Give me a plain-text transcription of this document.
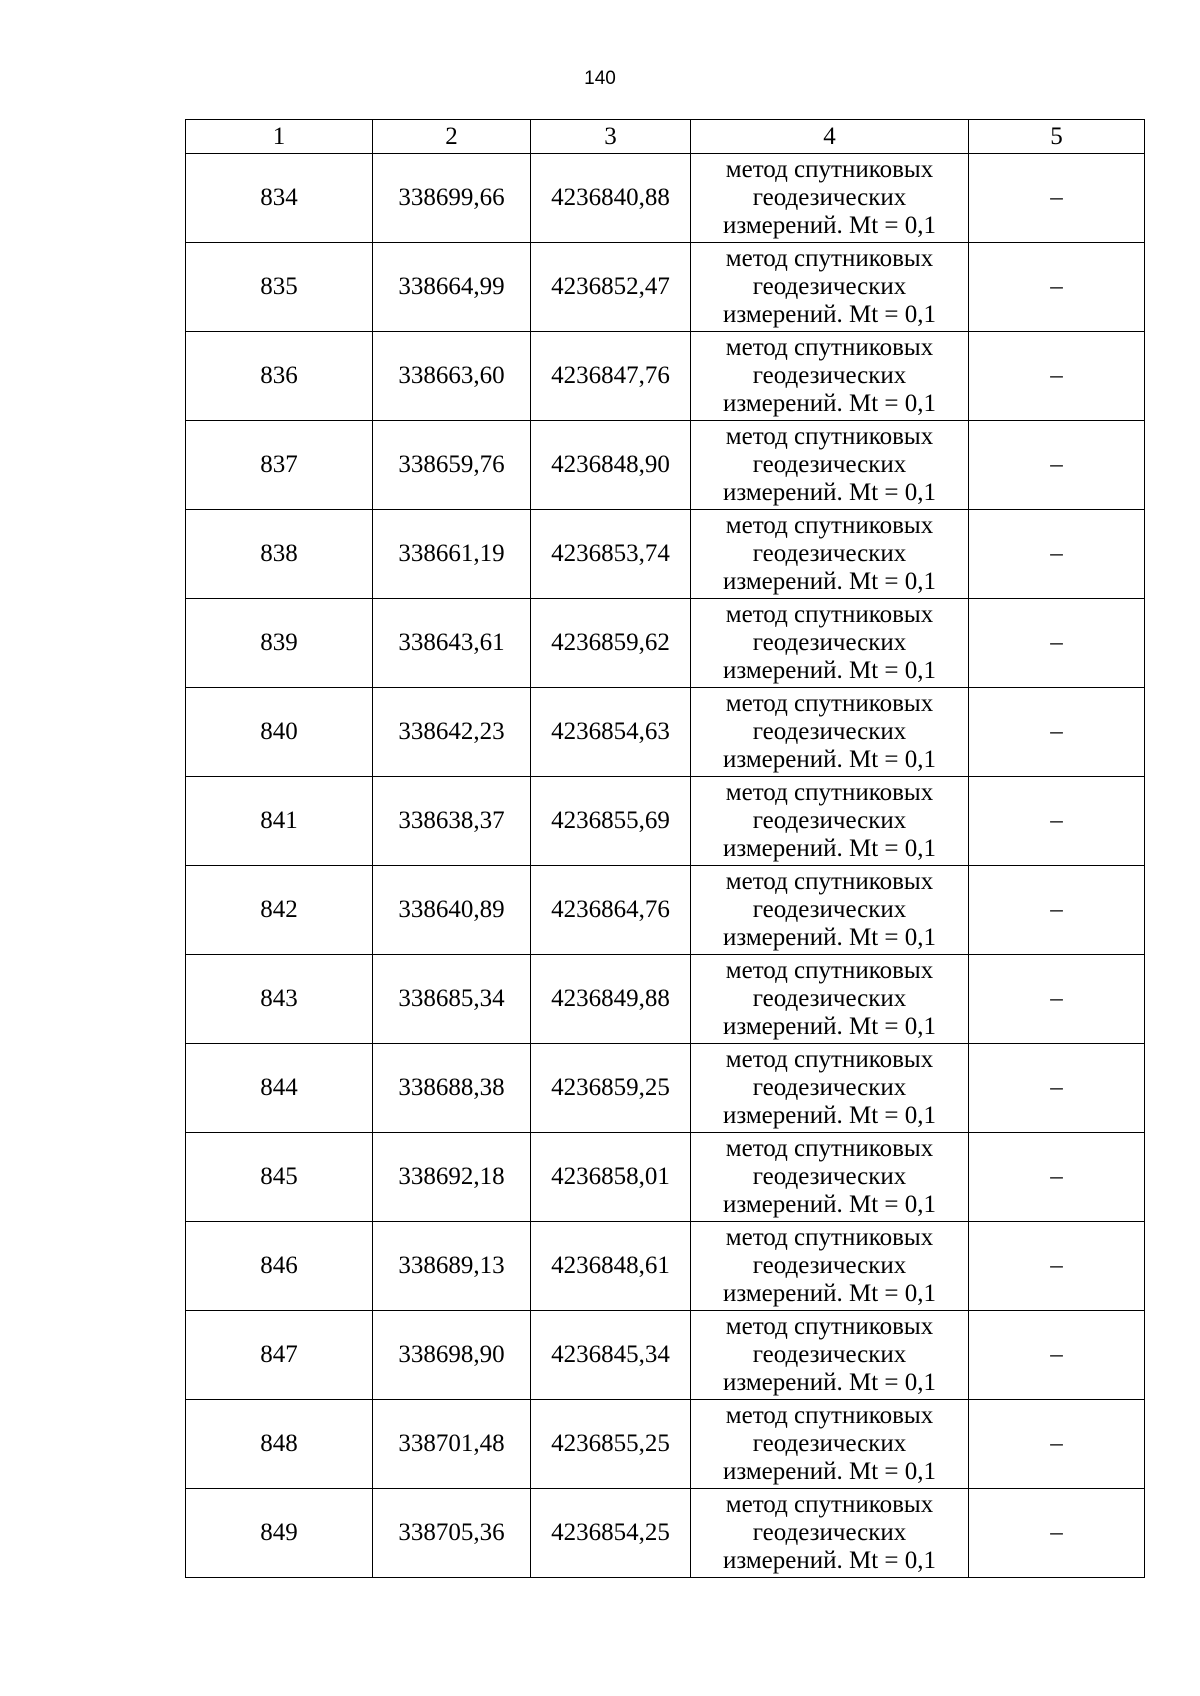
140
1	2	3	4	5
834	338699,66	4236840,88	метод спутниковых геодезических измерений. Mt = 0,1	–
835	338664,99	4236852,47	метод спутниковых геодезических измерений. Mt = 0,1	–
836	338663,60	4236847,76	метод спутниковых геодезических измерений. Mt = 0,1	–
837	338659,76	4236848,90	метод спутниковых геодезических измерений. Mt = 0,1	–
838	338661,19	4236853,74	метод спутниковых геодезических измерений. Mt = 0,1	–
839	338643,61	4236859,62	метод спутниковых геодезических измерений. Mt = 0,1	–
840	338642,23	4236854,63	метод спутниковых геодезических измерений. Mt = 0,1	–
841	338638,37	4236855,69	метод спутниковых геодезических измерений. Mt = 0,1	–
842	338640,89	4236864,76	метод спутниковых геодезических измерений. Mt = 0,1	–
843	338685,34	4236849,88	метод спутниковых геодезических измерений. Mt = 0,1	–
844	338688,38	4236859,25	метод спутниковых геодезических измерений. Mt = 0,1	–
845	338692,18	4236858,01	метод спутниковых геодезических измерений. Mt = 0,1	–
846	338689,13	4236848,61	метод спутниковых геодезических измерений. Mt = 0,1	–
847	338698,90	4236845,34	метод спутниковых геодезических измерений. Mt = 0,1	–
848	338701,48	4236855,25	метод спутниковых геодезических измерений. Mt = 0,1	–
849	338705,36	4236854,25	метод спутниковых геодезических измерений. Mt = 0,1	–
